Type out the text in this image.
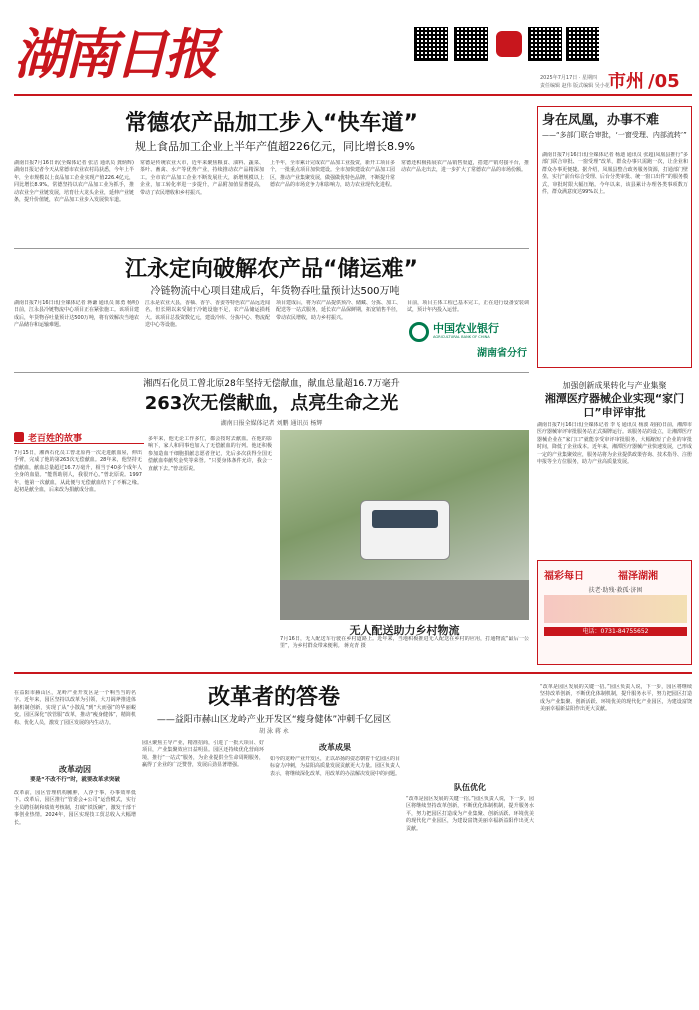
湖南日报	2025年7月17日 · 星期四
责任编辑 赵伟 版式编辑 吴小花
市州 /05
常德农产品加工步入“快车道”
规上食品加工企业上半年产值超226亿元，同比增长8.9%
湖南日报7月16日讯(全媒体记者 张洁 通讯员 龚炳辉)湖南日报记者今天从常德市农业农村局获悉，今年上半年，全市规模以上食品加工企业实现产值226.4亿元，同比增长8.9%。常德坚持以农产品加工业为抓手，推动农业全产业链发展，培育壮大龙头企业，延伸产业链条，提升价值链，农产品加工业步入发展快车道。
常德是传统农业大市，近年来聚焦粮食、油料、蔬菜、茶叶、畜禽、水产等优势产业，持续推动农产品精深加工。全市农产品加工企业不断发展壮大，新增规模以上企业，加工转化率进一步提升，产品附加值显著提高，带动了农民增收和乡村振兴。
上半年，全市累计完成农产品加工业投资，新开工项目多个，一批重点项目加快建设。全市加快建设农产品加工园区，推动产业集聚发展，做强做优特色品牌，不断提升常德农产品的市场竞争力和影响力，助力农业现代化进程。
常德还积极拓展农产品销售渠道，搭建产销对接平台，推动农产品走出去，进一步扩大了常德农产品的市场份额。
江永定向破解农产品“储运难”
冷链物流中心项目建成后，年货物吞吐量预计达500万吨
湖南日报7月16日讯(全媒体记者 蒋谦 通讯员 陈勇 杨明)日前，江永县冷链物流中心项目正在紧张施工。该项目建成后，年货物吞吐量预计达500万吨，将有效解决当地农产品储存和运输难题。
江永是农业大县，香柚、香芋、香姜等特色农产品远近闻名，但长期以来受制于冷链设施不足，农产品储运损耗大。该项目总投资数亿元，建设冷库、分拣中心、物流配送中心等设施。
项目建成后，将为农产品提供预冷、储藏、分拣、加工、配送等一站式服务，延长农产品保鲜期，拓宽销售半径，带动农民增收，助力乡村振兴。
目前，项目主体工程已基本完工，正在进行设备安装调试，预计年内投入运营。
中国农业银行
AGRICULTURAL BANK OF CHINA
湖南省分行
身在凤凰，办事不难
——“多部门联合审批，‘一窗受理、内部流转’”
湖南日报7月16日讯(全媒体记者 杨迪 通讯员 张超)凤凰县推行“多部门联合审批、一窗受理”改革，群众办事只需跑一次，让企业和群众办事更便捷。据介绍，凤凰县整合政务服务资源，打通部门壁垒，实行“前台综合受理、后台分类审批、统一窗口出件”的服务模式，审批时限大幅压缩。今年以来，该县累计办理各类事项数万件，群众满意度达99%以上。
加强创新成果转化与产业集聚
湘潭医疗器械企业实现“家门口”申评审批
湖南日报7月16日讯(全媒体记者 李飞 通讯员 杨波 胡丽)日前，湘潭市医疗器械审评审批服务站正式揭牌运行。该服务站的设立，让湘潭医疗器械企业在“家门口”就能享受审评审批服务，大幅缩短了企业的审批时间，降低了企业成本。近年来，湘潭医疗器械产业快速发展，已形成一定的产业集聚效应，服务站将为企业提供政策咨询、技术指导、注册申报等全方位服务，助力产业高质量发展。
福彩每日	福泽湖湘
扶老·助残·救孤·济困
电话：0731-84755652
湘西石化员工曾北原28年坚持无偿献血，献血总量超16.7万毫升
263次无偿献血，点亮生命之光
湖南日报全媒体记者 刘鹏 通讯员 杨辉
老百姓的故事
7月15日，湘西石化员工曾北原再一次走进献血屋，伸出手臂，完成了他的第263次无偿献血。28年来，他坚持无偿献血，献血总量超过16.7万毫升，相当于40多个成年人全身的血量。“能帮助别人，我很开心。”曾北原说。1997年，他第一次献血，从此便与无偿献血结下了不解之缘。起初是献全血，后来改为捐献成分血。
多年来，他无论工作多忙，都会按时去献血。在他的影响下，家人和同事也加入了无偿献血的行列。他还积极参加造血干细胞捐献志愿者登记，先后多次获得全国无偿献血奉献奖金奖等荣誉。“只要身体条件允许，我会一直献下去。”曾北原说。
无人配送助力乡村物流
7月16日，无人配送车行驶在乡村道路上。近年来，当地积极推进无人配送在乡村的应用，打通物流“最后一公里”，为乡村群众带来便利。 蒋克青 摄
改革者的答卷
——益阳市赫山区龙岭产业开发区“瘦身健体”冲刺千亿园区
胡 泳 蒋 永
在益阳市赫山区，龙岭产业开发区是一个响当当的名字。近年来，园区坚持以改革为引领，大刀阔斧推进体制机制创新，实现了从“小散乱”到“大而强”的华丽蜕变。园区深化“放管服”改革，推动“瘦身健体”，精简机构、优化人员，激发了园区发展的内生动力。
改革动因
要是“不改不行”时，就要改革求突破
改革前，园区管理机构臃肿，人浮于事，办事效率低下。改革后，园区推行“管委会+公司”运营模式，实行全员聘任制和绩效考核制，打破“铁饭碗”，激发干部干事创业热情。2024年，园区实现技工贸总收入大幅增长。
园区聚焦主导产业，精准招商，引进了一批大项目、好项目，产业集聚效应日益明显。园区还持续优化营商环境，推行“一站式”服务，为企业提供全生命周期服务，赢得了企业的广泛赞誉，发展后劲显著增强。
改革成果
如今的龙岭产业开发区，正以昂扬的姿态朝着千亿园区的目标奋力冲刺，为益阳高质量发展贡献更大力量。园区负责人表示，将继续深化改革，用改革的办法解决发展中的问题。
队伍优化
“改革是园区发展的关键一招。”园区负责人说，下一步，园区将继续坚持改革创新，不断优化体制机制，提升服务水平，努力把园区打造成为产业集聚、创新活跃、环境优美的现代化产业园区，为建设富饶美丽幸福新益阳作出更大贡献。
“改革是园区发展的关键一招。”园区负责人说，下一步，园区将继续坚持改革创新，不断优化体制机制，提升服务水平，努力把园区打造成为产业集聚、创新活跃、环境优美的现代化产业园区，为建设富饶美丽幸福新益阳作出更大贡献。
